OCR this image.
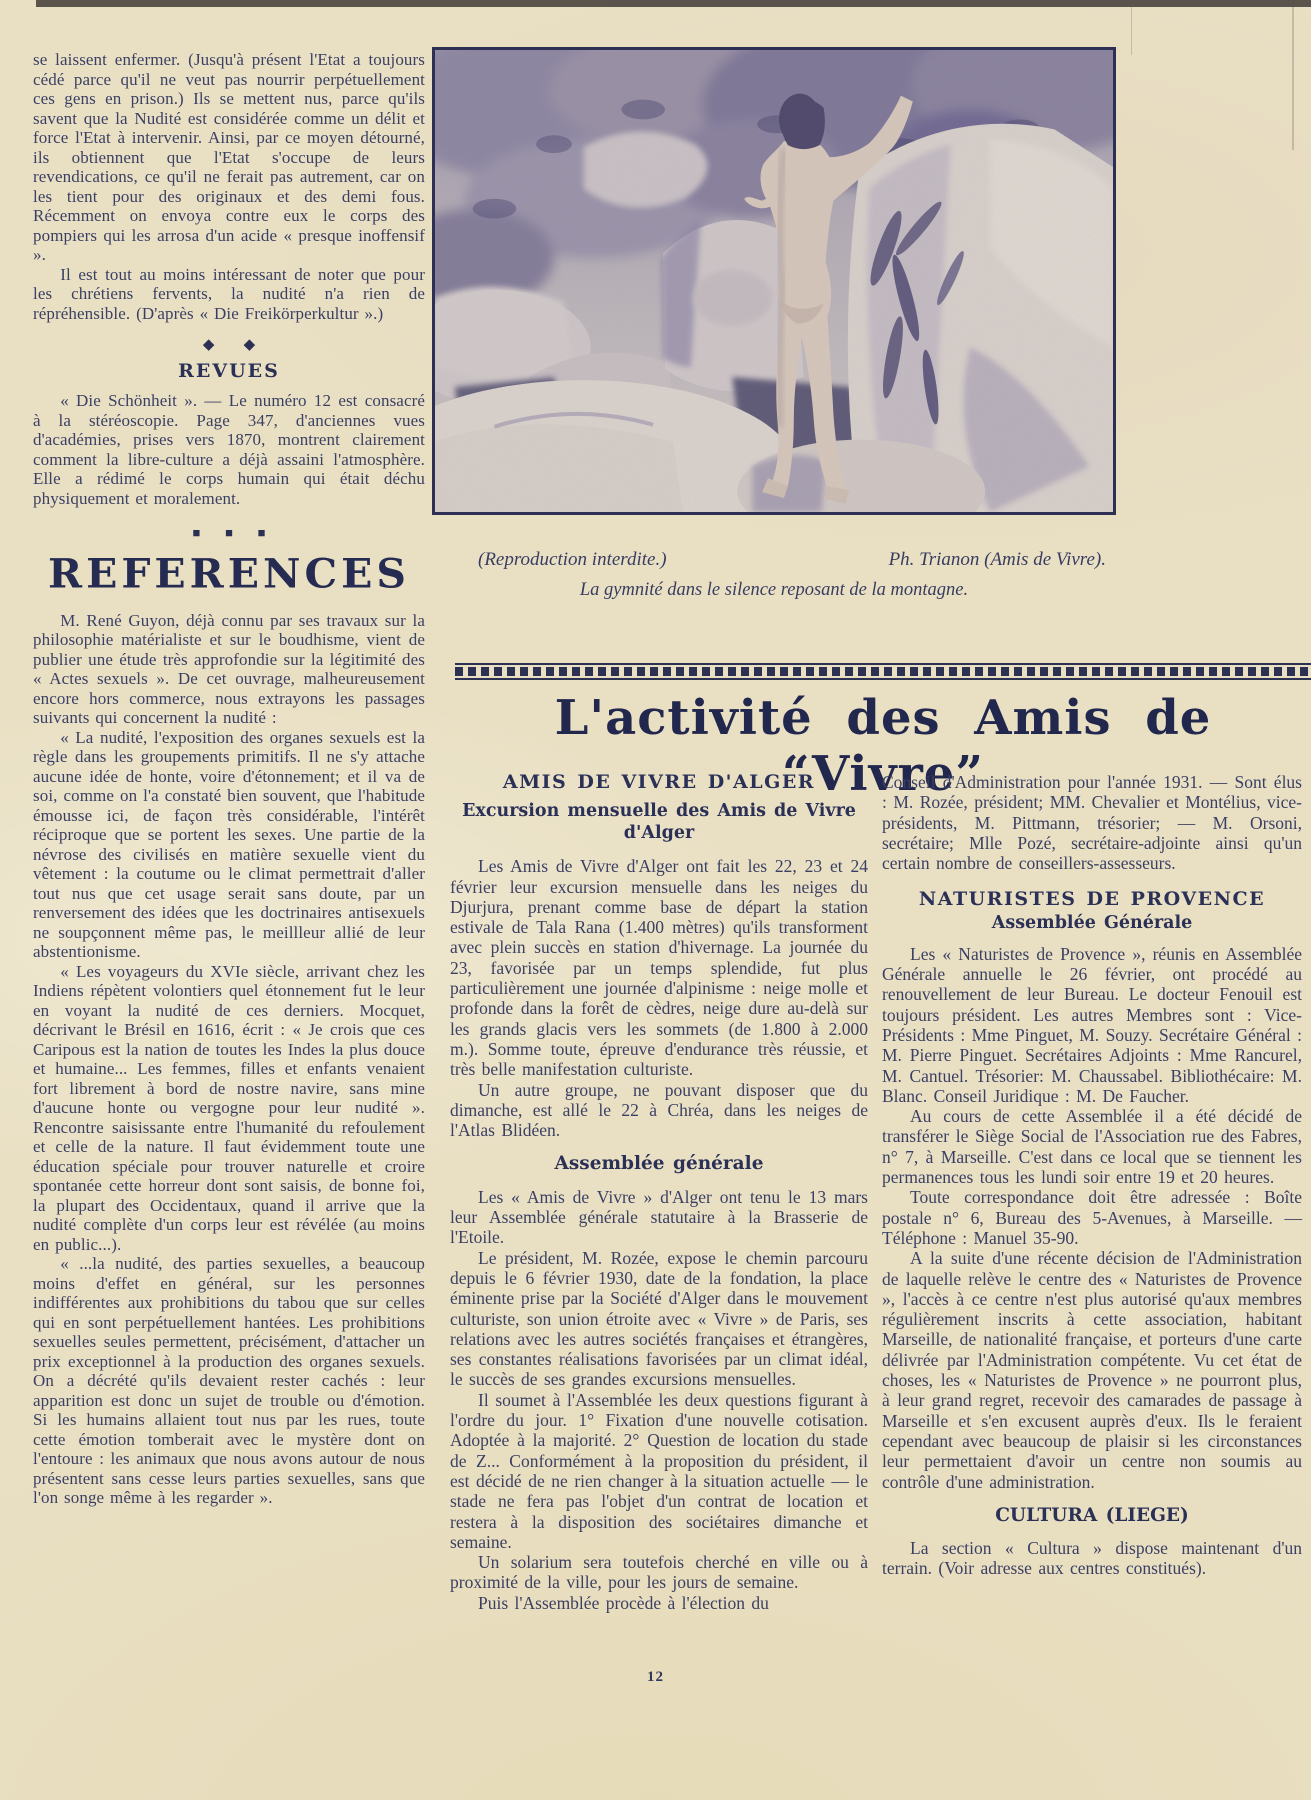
se laissent enfermer. (Jusqu'à présent l'Etat a toujours cédé parce qu'il ne veut pas nourrir perpétuellement ces gens en prison.) Ils se mettent nus, parce qu'ils savent que la Nudité est considérée comme un délit et force l'Etat à intervenir. Ainsi, par ce moyen détourné, ils obtiennent que l'Etat s'occupe de leurs revendications, ce qu'il ne ferait pas autrement, car on les tient pour des originaux et des demi fous. Récemment on envoya contre eux le corps des pompiers qui les arrosa d'un acide « presque inoffensif ».

Il est tout au moins intéressant de noter que pour les chrétiens fervents, la nudité n'a rien de répréhensible. (D'après « Die Freikörperkultur ».)

◆ ◆
REVUES

« Die Schönheit ». — Le numéro 12 est consacré à la stéréoscopie. Page 347, d'anciennes vues d'académies, prises vers 1870, montrent clairement comment la libre-culture a déjà assaini l'atmosphère. Elle a rédimé le corps humain qui était déchu physiquement et moralement.

■ ■ ■
REFERENCES

M. René Guyon, déjà connu par ses travaux sur la philosophie matérialiste et sur le boudhisme, vient de publier une étude très approfondie sur la légitimité des « Actes sexuels ». De cet ouvrage, malheureusement encore hors commerce, nous extrayons les passages suivants qui concernent la nudité :

« La nudité, l'exposition des organes sexuels est la règle dans les groupements primitifs. Il ne s'y attache aucune idée de honte, voire d'étonnement; et il va de soi, comme on l'a constaté bien souvent, que l'habitude émousse ici, de façon très considérable, l'intérêt réciproque que se portent les sexes. Une partie de la névrose des civilisés en matière sexuelle vient du vêtement : la coutume ou le climat permettrait d'aller tout nus que cet usage serait sans doute, par un renversement des idées que les doctrinaires antisexuels ne soupçonnent même pas, le meillleur allié de leur abstentionisme.

« Les voyageurs du XVIe siècle, arrivant chez les Indiens répètent volontiers quel étonnement fut le leur en voyant la nudité de ces derniers. Mocquet, décrivant le Brésil en 1616, écrit : « Je crois que ces Caripous est la nation de toutes les Indes la plus douce et humaine... Les femmes, filles et enfants venaient fort librement à bord de nostre navire, sans mine d'aucune honte ou vergogne pour leur nudité ». Rencontre saisissante entre l'humanité du refoulement et celle de la nature. Il faut évidemment toute une éducation spéciale pour trouver naturelle et croire spontanée cette horreur dont sont saisis, de bonne foi, la plupart des Occidentaux, quand il arrive que la nudité complète d'un corps leur est révélée (au moins en public...).

« ...la nudité, des parties sexuelles, a beaucoup moins d'effet en général, sur les personnes indifférentes aux prohibitions du tabou que sur celles qui en sont perpétuellement hantées. Les prohibitions sexuelles seules permettent, précisément, d'attacher un prix exceptionnel à la production des organes sexuels. On a décrété qu'ils devaient rester cachés : leur apparition est donc un sujet de trouble ou d'émotion. Si les humains allaient tout nus par les rues, toute cette émotion tomberait avec le mystère dont on l'entoure : les animaux que nous avons autour de nous présentent sans cesse leurs parties sexuelles, sans que l'on songe même à les regarder ».

(Reproduction interdite.)	Ph. Trianon (Amis de Vivre).
La gymnité dans le silence reposant de la montagne.
L'activité des Amis de “Vivre”
AMIS DE VIVRE D'ALGER
Excursion mensuelle des Amis de Vivre d'Alger

Les Amis de Vivre d'Alger ont fait les 22, 23 et 24 février leur excursion mensuelle dans les neiges du Djurjura, prenant comme base de départ la station estivale de Tala Rana (1.400 mètres) qu'ils transforment avec plein succès en station d'hivernage. La journée du 23, favorisée par un temps splendide, fut plus particulièrement une journée d'alpinisme : neige molle et profonde dans la forêt de cèdres, neige dure au-delà sur les grands glacis vers les sommets (de 1.800 à 2.000 m.). Somme toute, épreuve d'endurance très réussie, et très belle manifestation culturiste.

Un autre groupe, ne pouvant disposer que du dimanche, est allé le 22 à Chréa, dans les neiges de l'Atlas Blidéen.

Assemblée générale

Les « Amis de Vivre » d'Alger ont tenu le 13 mars leur Assemblée générale statutaire à la Brasserie de l'Etoile.

Le président, M. Rozée, expose le chemin parcouru depuis le 6 février 1930, date de la fondation, la place éminente prise par la Société d'Alger dans le mouvement culturiste, son union étroite avec « Vivre » de Paris, ses relations avec les autres sociétés françaises et étrangères, ses constantes réalisations favorisées par un climat idéal, le succès de ses grandes excursions mensuelles.

Il soumet à l'Assemblée les deux questions figurant à l'ordre du jour. 1° Fixation d'une nouvelle cotisation. Adoptée à la majorité. 2° Question de location du stade de Z... Conformément à la proposition du président, il est décidé de ne rien changer à la situation actuelle — le stade ne fera pas l'objet d'un contrat de location et restera à la disposition des sociétaires dimanche et semaine.

Un solarium sera toutefois cherché en ville ou à proximité de la ville, pour les jours de semaine.

Puis l'Assemblée procède à l'élection du

Conseil d'Administration pour l'année 1931. — Sont élus : M. Rozée, président; MM. Chevalier et Montélius, vice-présidents, M. Pittmann, trésorier; — M. Orsoni, secrétaire; Mlle Pozé, secrétaire-adjointe ainsi qu'un certain nombre de conseillers-assesseurs.

NATURISTES DE PROVENCE
Assemblée Générale

Les « Naturistes de Provence », réunis en Assemblée Générale annuelle le 26 février, ont procédé au renouvellement de leur Bureau. Le docteur Fenouil est toujours président. Les autres Membres sont : Vice-Présidents : Mme Pinguet, M. Souzy. Secrétaire Général : M. Pierre Pinguet. Secrétaires Adjoints : Mme Rancurel, M. Cantuel. Trésorier: M. Chaussabel. Bibliothécaire: M. Blanc. Conseil Juridique : M. De Faucher.

Au cours de cette Assemblée il a été décidé de transférer le Siège Social de l'Association rue des Fabres, n° 7, à Marseille. C'est dans ce local que se tiennent les permanences tous les lundi soir entre 19 et 20 heures.

Toute correspondance doit être adressée : Boîte postale n° 6, Bureau des 5-Avenues, à Marseille. — Téléphone : Manuel 35-90.

A la suite d'une récente décision de l'Administration de laquelle relève le centre des « Naturistes de Provence », l'accès à ce centre n'est plus autorisé qu'aux membres régulièrement inscrits à cette association, habitant Marseille, de nationalité française, et porteurs d'une carte délivrée par l'Administration compétente. Vu cet état de choses, les « Naturistes de Provence » ne pourront plus, à leur grand regret, recevoir des camarades de passage à Marseille et s'en excusent auprès d'eux. Ils le feraient cependant avec beaucoup de plaisir si les circonstances leur permettaient d'avoir un centre non soumis au contrôle d'une administration.

CULTURA (LIEGE)

La section « Cultura » dispose maintenant d'un terrain. (Voir adresse aux centres constitués).

12
